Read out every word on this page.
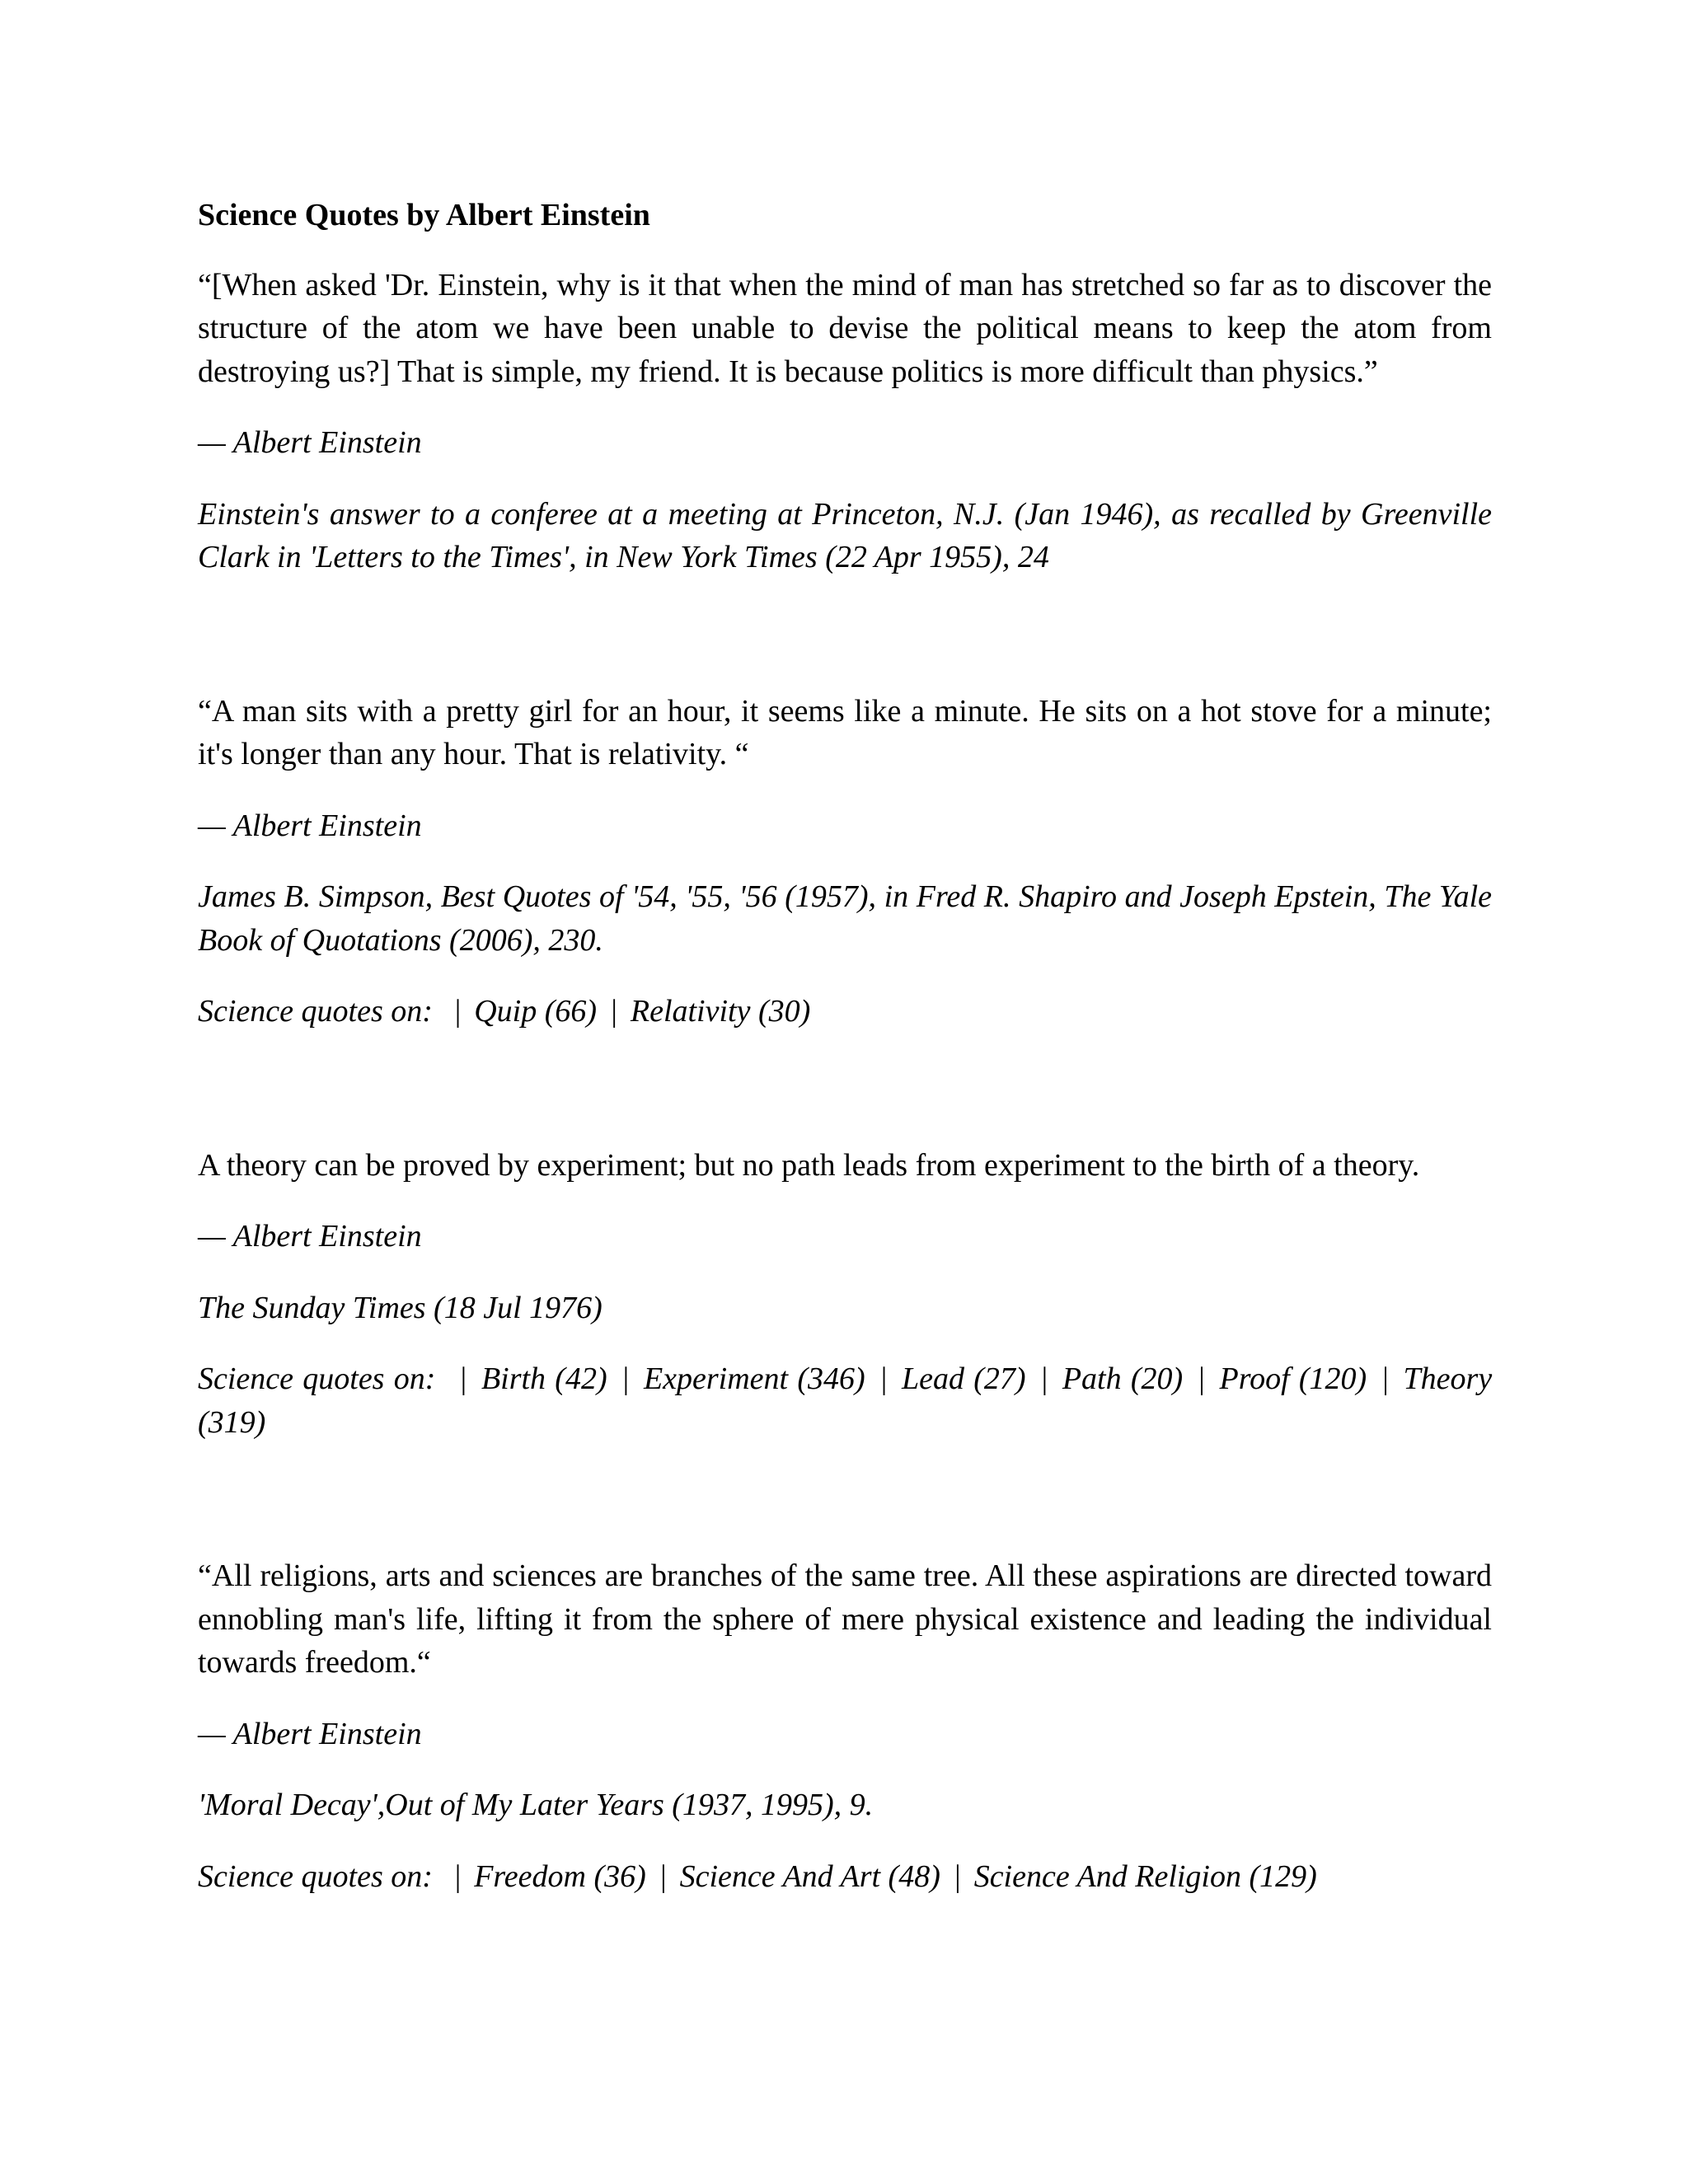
Science Quotes by Albert Einstein

“[When asked 'Dr. Einstein, why is it that when the mind of man has stretched so far as to discover the structure of the atom we have been unable to devise the political means to keep the atom from destroying us?] That is simple, my friend. It is because politics is more difficult than physics.”

— Albert Einstein

Einstein's answer to a conferee at a meeting at Princeton, N.J. (Jan 1946), as recalled by Greenville Clark in 'Letters to the Times', in New York Times (22 Apr 1955), 24

“A man sits with a pretty girl for an hour, it seems like a minute. He sits on a hot stove for a minute; it's longer than any hour. That is relativity. “

— Albert Einstein

James B. Simpson, Best Quotes of '54, '55, '56 (1957), in Fred R. Shapiro and Joseph Epstein, The Yale Book of Quotations (2006), 230.

Science quotes on:  | Quip (66) | Relativity (30)

A theory can be proved by experiment; but no path leads from experiment to the birth of a theory.

— Albert Einstein

The Sunday Times (18 Jul 1976)

Science quotes on:  | Birth (42) | Experiment (346) | Lead (27) | Path (20) | Proof (120) | Theory (319)

“All religions, arts and sciences are branches of the same tree. All these aspirations are directed toward ennobling man's life, lifting it from the sphere of mere physical existence and leading the individual towards freedom.“

— Albert Einstein

'Moral Decay',Out of My Later Years (1937, 1995), 9.

Science quotes on:  | Freedom (36) | Science And Art (48) | Science And Religion (129)
